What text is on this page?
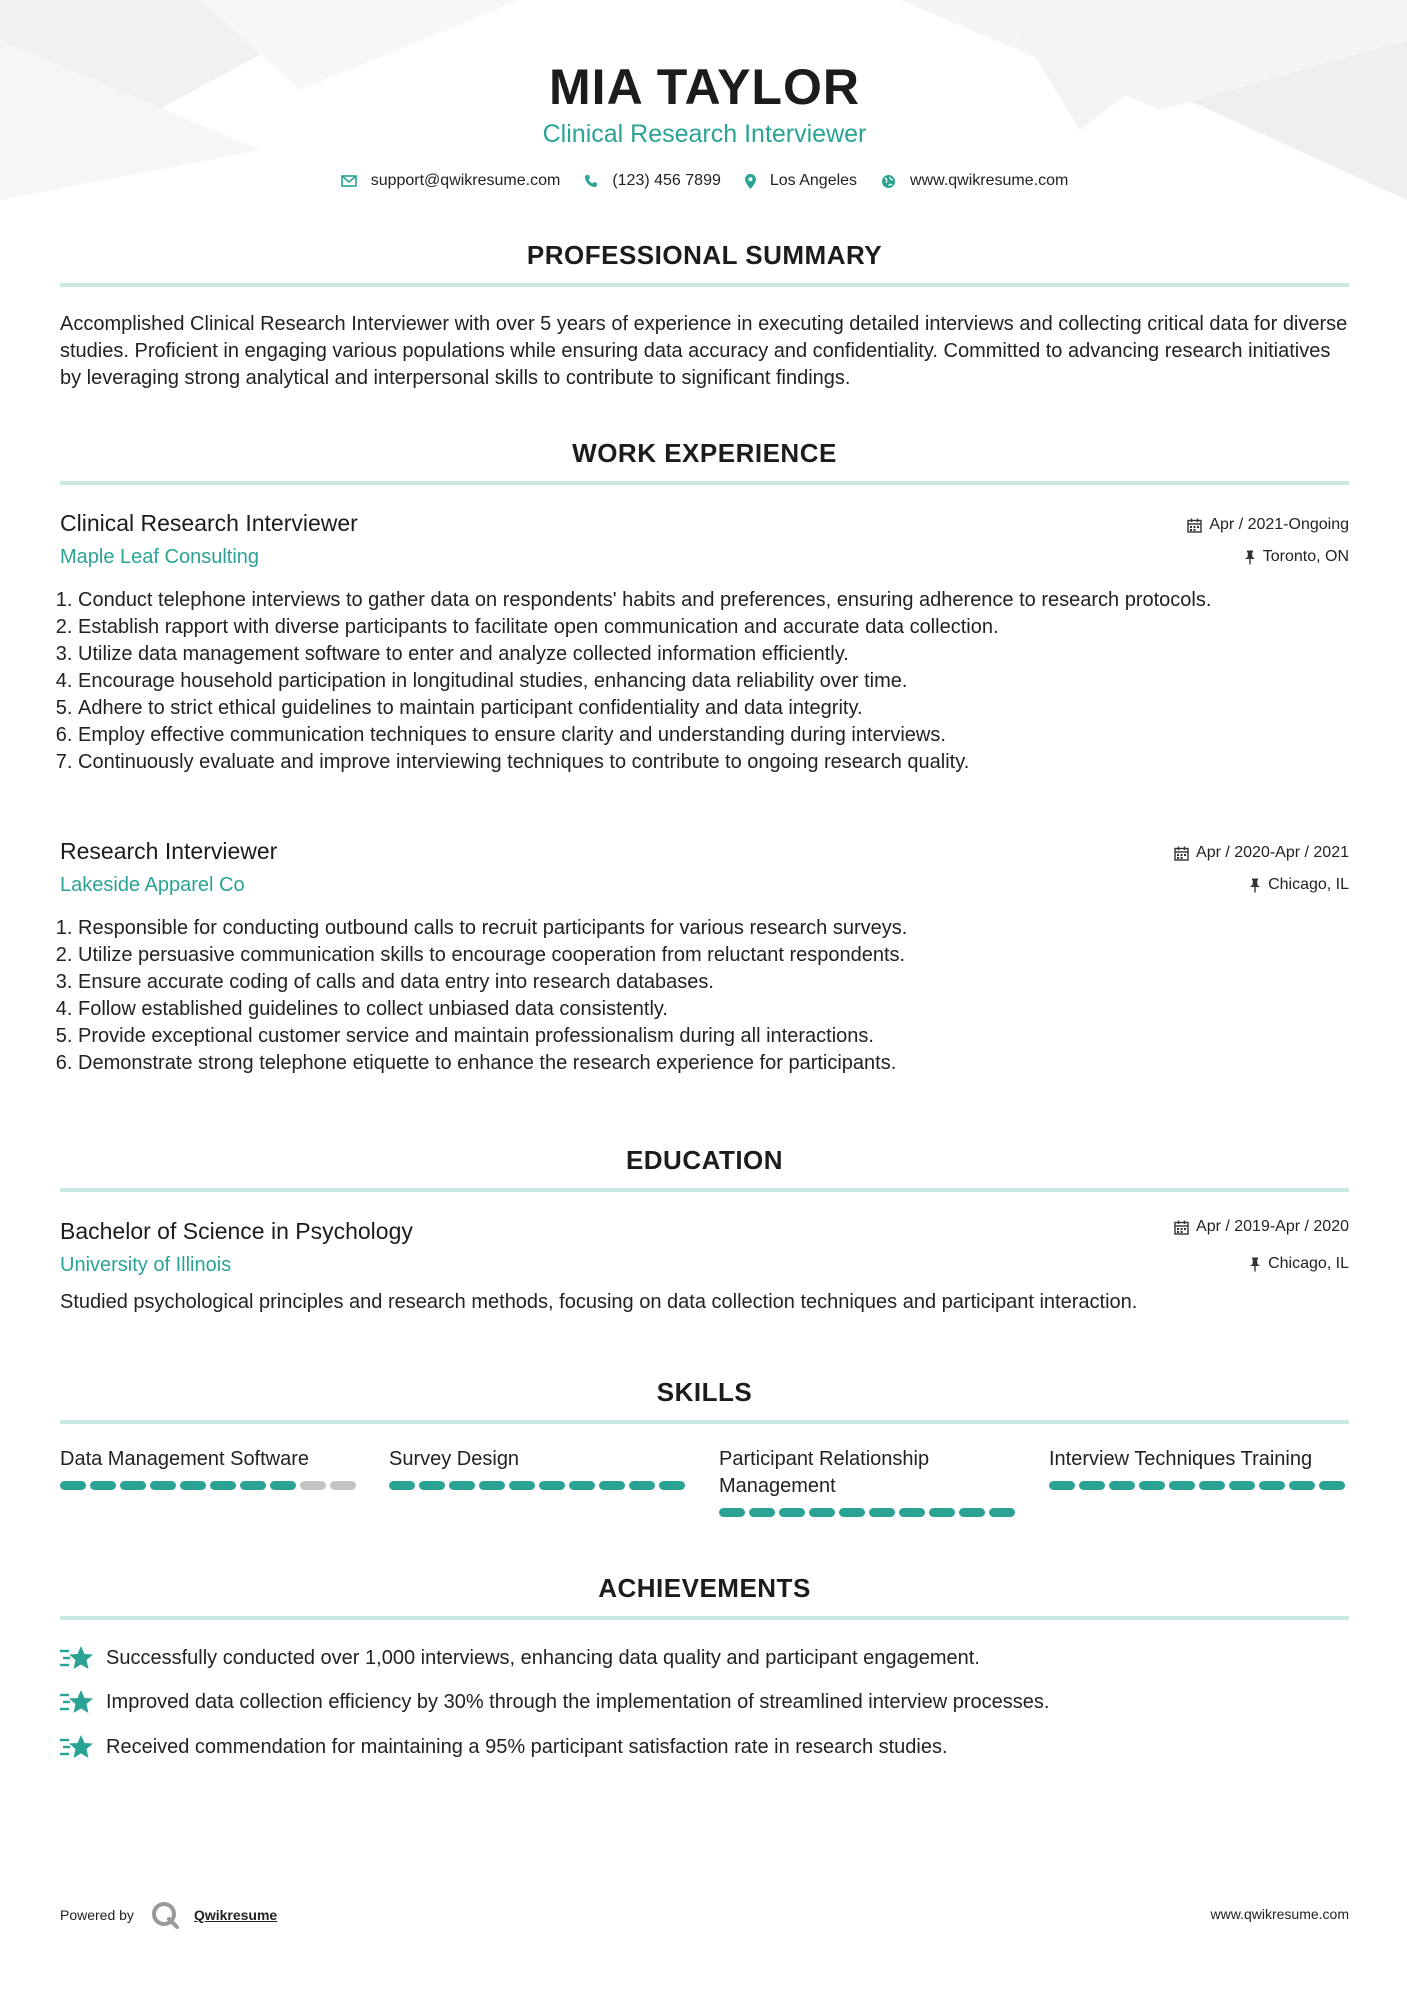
MIA TAYLOR
Clinical Research Interviewer
support@qwikresume.com	(123) 456 7899	Los Angeles	www.qwikresume.com
PROFESSIONAL SUMMARY
Accomplished Clinical Research Interviewer with over 5 years of experience in executing detailed interviews and collecting critical data for diverse studies. Proficient in engaging various populations while ensuring data accuracy and confidentiality. Committed to advancing research initiatives by leveraging strong analytical and interpersonal skills to contribute to significant findings.
WORK EXPERIENCE
Clinical Research Interviewer	Apr / 2021-Ongoing
Maple Leaf Consulting	Toronto, ON
1. Conduct telephone interviews to gather data on respondents' habits and preferences, ensuring adherence to research protocols.
2. Establish rapport with diverse participants to facilitate open communication and accurate data collection.
3. Utilize data management software to enter and analyze collected information efficiently.
4. Encourage household participation in longitudinal studies, enhancing data reliability over time.
5. Adhere to strict ethical guidelines to maintain participant confidentiality and data integrity.
6. Employ effective communication techniques to ensure clarity and understanding during interviews.
7. Continuously evaluate and improve interviewing techniques to contribute to ongoing research quality.
Research Interviewer	Apr / 2020-Apr / 2021
Lakeside Apparel Co	Chicago, IL
1. Responsible for conducting outbound calls to recruit participants for various research surveys.
2. Utilize persuasive communication skills to encourage cooperation from reluctant respondents.
3. Ensure accurate coding of calls and data entry into research databases.
4. Follow established guidelines to collect unbiased data consistently.
5. Provide exceptional customer service and maintain professionalism during all interactions.
6. Demonstrate strong telephone etiquette to enhance the research experience for participants.
EDUCATION
Bachelor of Science in Psychology	Apr / 2019-Apr / 2020
University of Illinois	Chicago, IL
Studied psychological principles and research methods, focusing on data collection techniques and participant interaction.
SKILLS
Data Management Software	Survey Design	Participant Relationship Management
Interview Techniques Training
ACHIEVEMENTS
Successfully conducted over 1,000 interviews, enhancing data quality and participant engagement.
Improved data collection efficiency by 30% through the implementation of streamlined interview processes.
Received commendation for maintaining a 95% participant satisfaction rate in research studies.
Powered by	Qwikresume	www.qwikresume.com
